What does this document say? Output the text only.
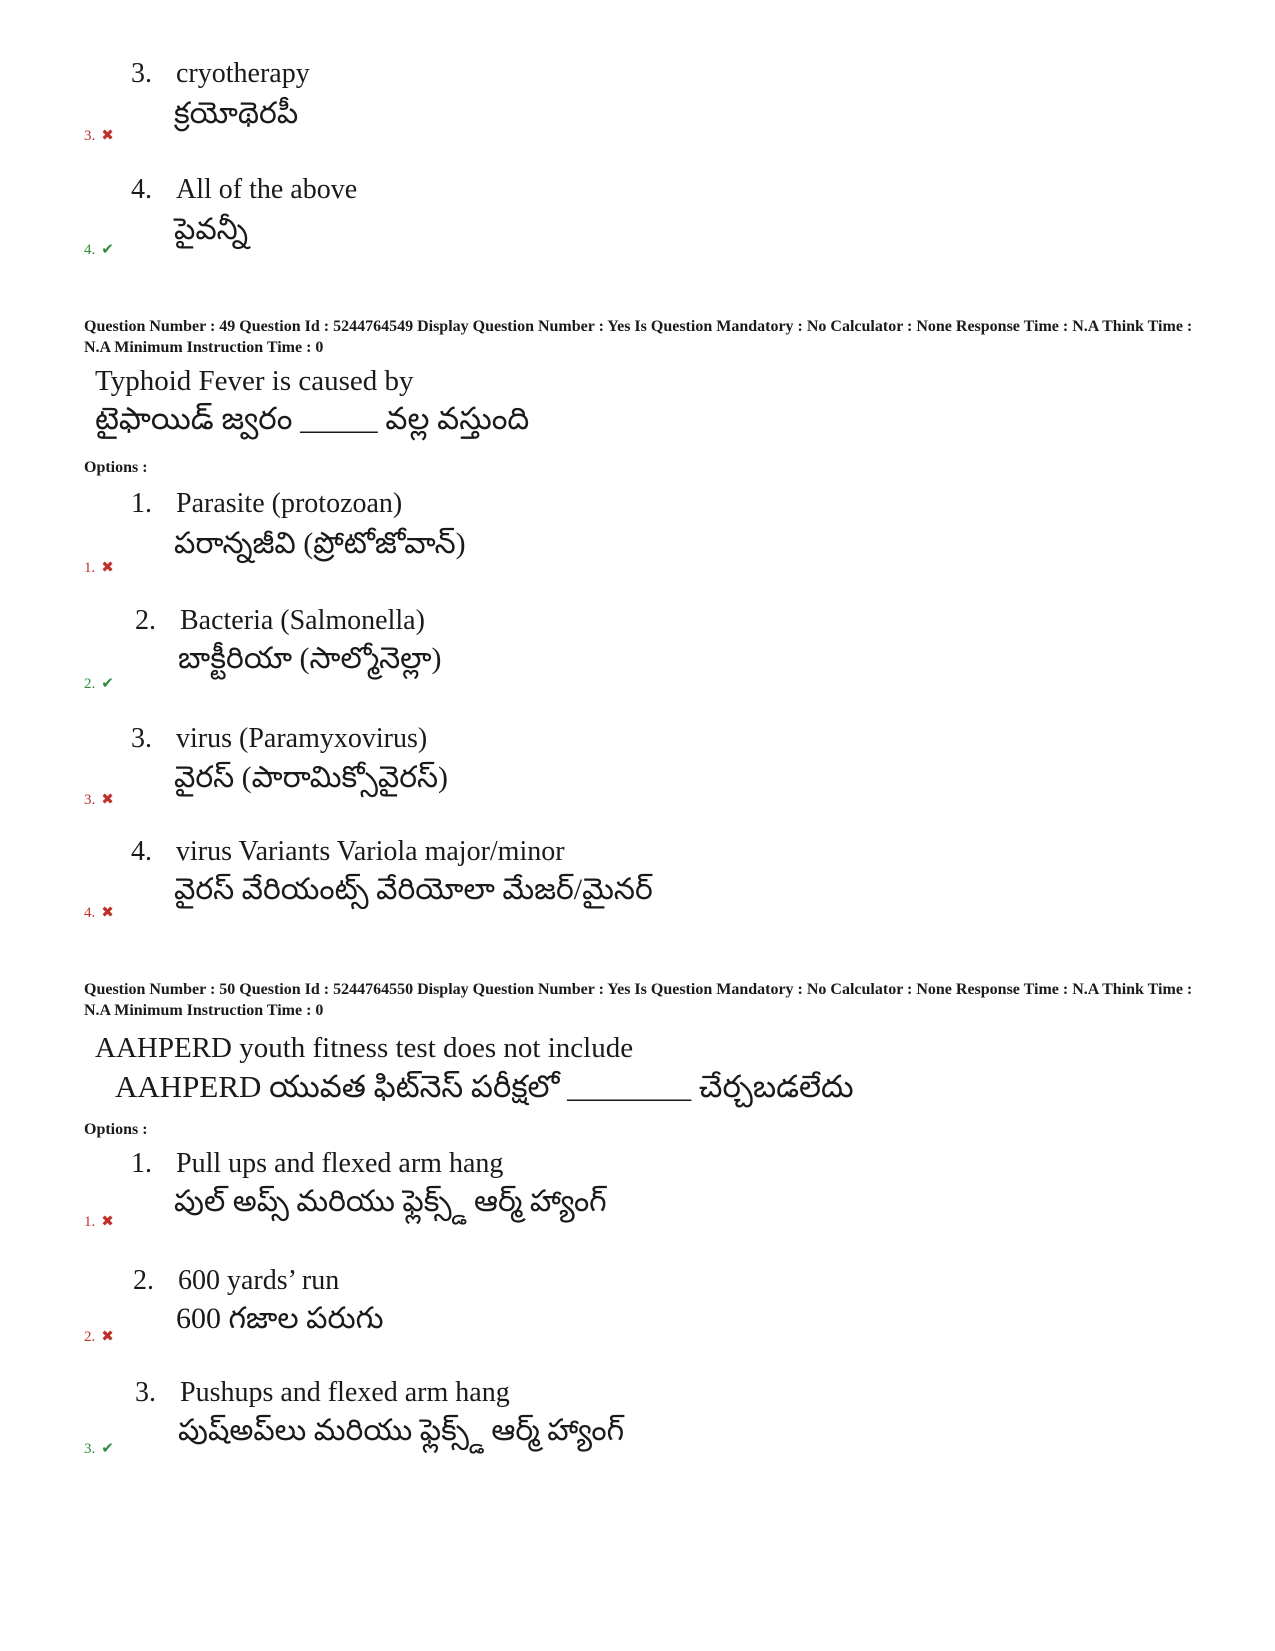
3. cryotherapy
క్రయోథెరపీ
3. ✖
4. All of the above
పైవన్నీ
4. ✔
Question Number : 49 Question Id : 5244764549 Display Question Number : Yes Is Question Mandatory : No Calculator : None Response Time : N.A Think Time : N.A Minimum Instruction Time : 0
Typhoid Fever is caused by
టైఫాయిడ్ జ్వరం _____ వల్ల వస్తుంది
Options :
1. Parasite (protozoan)
పరాన్నజీవి (ప్రోటోజోవాన్)
1. ✖
2. Bacteria (Salmonella)
బాక్టీరియా (సాల్మోనెల్లా)
2. ✔
3. virus (Paramyxovirus)
వైరస్ (పారామిక్సోవైరస్)
3. ✖
4. virus Variants Variola major/minor
వైరస్ వేరియంట్స్ వేరియోలా మేజర్/మైనర్
4. ✖
Question Number : 50 Question Id : 5244764550 Display Question Number : Yes Is Question Mandatory : No Calculator : None Response Time : N.A Think Time : N.A Minimum Instruction Time : 0
AAHPERD youth fitness test does not include
AAHPERD యువత ఫిట్‌నెస్ పరీక్షలో ________ చేర్చబడలేదు
Options :
1. Pull ups and flexed arm hang
పుల్ అప్స్ మరియు ఫ్లెక్స్డ్ ఆర్మ్ హ్యాంగ్
1. ✖
2. 600 yards’ run
600 గజాల పరుగు
2. ✖
3. Pushups and flexed arm hang
పుష్‌అప్‌లు మరియు ఫ్లెక్స్డ్ ఆర్మ్ హ్యాంగ్
3. ✔
